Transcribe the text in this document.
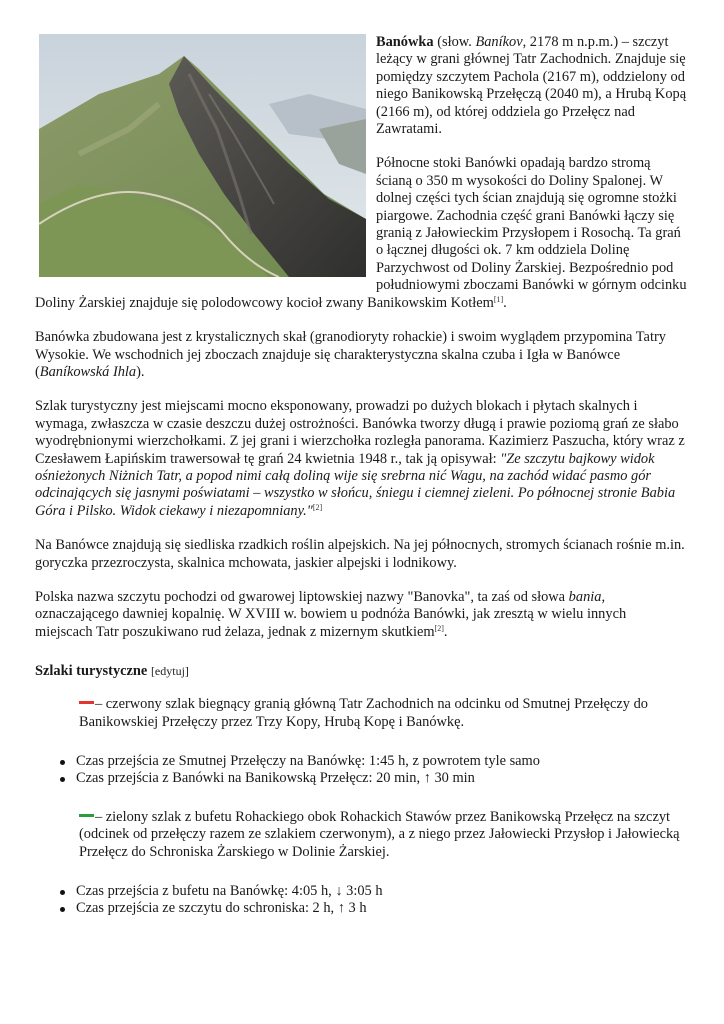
Banówka (słow. Baníkov, 2178 m n.p.m.) – szczyt leżący w grani głównej Tatr Zachodnich. Znajduje się pomiędzy szczytem Pachola (2167 m), oddzielony od niego Banikowską Przełęczą (2040 m), a Hrubą Kopą (2166 m), od której oddziela go Przełęcz nad Zawratami.

Północne stoki Banówki opadają bardzo stromą ścianą o 350 m wysokości do Doliny Spalonej. W dolnej części tych ścian znajdują się ogromne stożki piargowe. Zachodnia część grani Banówki łączy się granią z Jałowieckim Przysłopem i Rosochą. Ta grań o łącznej długości ok. 7 km oddziela Dolinę Parzychwost od Doliny Żarskiej. Bezpośrednio pod południowymi zboczami Banówki w górnym odcinku Doliny Żarskiej znajduje się polodowcowy kocioł zwany Banikowskim Kotłem[1].

Banówka zbudowana jest z krystalicznych skał (granodioryty rohackie) i swoim wyglądem przypomina Tatry Wysokie. We wschodnich jej zboczach znajduje się charakterystyczna skalna czuba i Igła w Banówce (Baníkowská Ihla).

Szlak turystyczny jest miejscami mocno eksponowany, prowadzi po dużych blokach i płytach skalnych i wymaga, zwłaszcza w czasie deszczu dużej ostrożności. Banówka tworzy długą i prawie poziomą grań ze słabo wyodrębnionymi wierzchołkami. Z jej grani i wierzchołka rozległa panorama. Kazimierz Paszucha, który wraz z Czesławem Łapińskim trawersował tę grań 24 kwietnia 1948 r., tak ją opisywał: "Ze szczytu bajkowy widok ośnieżonych Niżnich Tatr, a popod nimi całą doliną wije się srebrna nić Wagu, na zachód widać pasmo gór odcinających się jasnymi poświatami – wszystko w słońcu, śniegu i ciemnej zieleni. Po północnej stronie Babia Góra i Pilsko. Widok ciekawy i niezapomniany."[2]

Na Banówce znajdują się siedliska rzadkich roślin alpejskich. Na jej północnych, stromych ścianach rośnie m.in. goryczka przezroczysta, skalnica mchowata, jaskier alpejski i lodnikowy.

Polska nazwa szczytu pochodzi od gwarowej liptowskiej nazwy "Banovka", ta zaś od słowa bania, oznaczającego dawniej kopalnię. W XVIII w. bowiem u podnóża Banówki, jak zresztą w wielu innych miejscach Tatr poszukiwano rud żelaza, jednak z mizernym skutkiem[2].

Szlaki turystyczne [edytuj]

– czerwony szlak biegnący granią główną Tatr Zachodnich na odcinku od Smutnej Przełęczy do Banikowskiej Przełęczy przez Trzy Kopy, Hrubą Kopę i Banówkę.

Czas przejścia ze Smutnej Przełęczy na Banówkę: 1:45 h, z powrotem tyle samo
Czas przejścia z Banówki na Banikowską Przełęcz: 20 min, ↑ 30 min

– zielony szlak z bufetu Rohackiego obok Rohackich Stawów przez Banikowską Przełęcz na szczyt (odcinek od przełęczy razem ze szlakiem czerwonym), a z niego przez Jałowiecki Przysłop i Jałowiecką Przełęcz do Schroniska Żarskiego w Dolinie Żarskiej.

Czas przejścia z bufetu na Banówkę: 4:05 h, ↓ 3:05 h
Czas przejścia ze szczytu do schroniska: 2 h, ↑ 3 h
